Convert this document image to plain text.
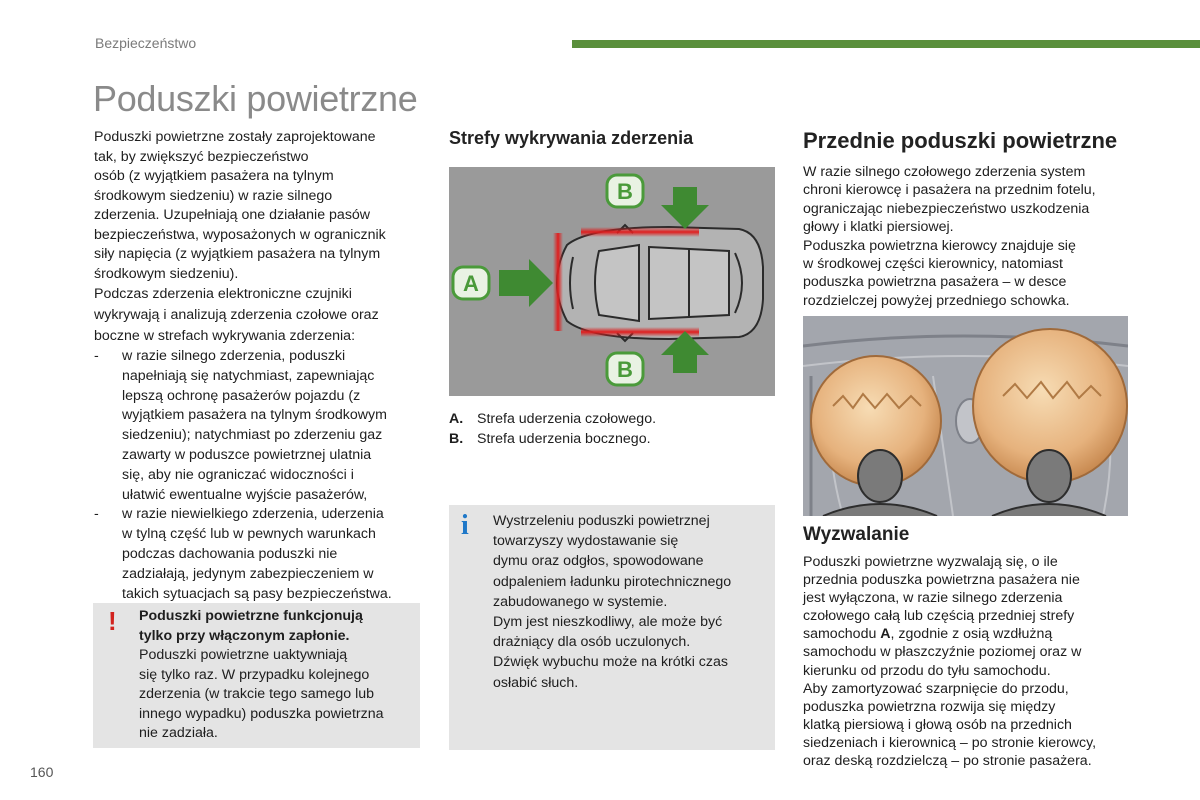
Bezpieczeństwo
Poduszki powietrzne

Poduszki powietrzne zostały zaprojektowane
tak, by zwiększyć bezpieczeństwo
osób (z wyjątkiem pasażera na tylnym
środkowym siedzeniu) w razie silnego
zderzenia. Uzupełniają one działanie pasów
bezpieczeństwa, wyposażonych w ogranicznik
siły napięcia (z wyjątkiem pasażera na tylnym
środkowym siedzeniu).

Podczas zderzenia elektroniczne czujniki
wykrywają i analizują zderzenia czołowe oraz
boczne w strefach wykrywania zderzenia:

- w razie silnego zderzenia, poduszki
napełniają się natychmiast, zapewniając
lepszą ochronę pasażerów pojazdu (z
wyjątkiem pasażera na tylnym środkowym
siedzeniu); natychmiast po zderzeniu gaz
zawarty w poduszce powietrznej ulatnia
się, aby nie ograniczać widoczności i
ułatwić ewentualne wyjście pasażerów,
- w razie niewielkiego zderzenia, uderzenia
w tylną część lub w pewnych warunkach
podczas dachowania poduszki nie
zadziałają, jedynym zabezpieczeniem w
takich sytuacjach są pasy bezpieczeństwa.
! Poduszki powietrzne funkcjonują
tylko przy włączonym zapłonie.
Poduszki powietrzne uaktywniają
się tylko raz. W przypadku kolejnego
zderzenia (w trakcie tego samego lub
innego wypadku) poduszka powietrzna
nie zadziała.
Strefy wykrywania zderzenia
A
B
B
A. Strefa uderzenia czołowego.
B. Strefa uderzenia bocznego.
i Wystrzeleniu poduszki powietrznej
towarzyszy wydostawanie się
dymu oraz odgłos, spowodowane
odpaleniem ładunku pirotechnicznego
zabudowanego w systemie.
Dym jest nieszkodliwy, ale może być
drażniący dla osób uczulonych.
Dźwięk wybuchu może na krótki czas
osłabić słuch.
Przednie poduszki powietrzne
W razie silnego czołowego zderzenia system
chroni kierowcę i pasażera na przednim fotelu,
ograniczając niebezpieczeństwo uszkodzenia
głowy i klatki piersiowej.
Poduszka powietrzna kierowcy znajduje się
w środkowej części kierownicy, natomiast
poduszka powietrzna pasażera – w desce
rozdzielczej powyżej przedniego schowka.
Wyzwalanie
Poduszki powietrzne wyzwalają się, o ile
przednia poduszka powietrzna pasażera nie
jest wyłączona, w razie silnego zderzenia
czołowego całą lub częścią przedniej strefy
samochodu A, zgodnie z osią wzdłużną
samochodu w płaszczyźnie poziomej oraz w
kierunku od przodu do tyłu samochodu.
Aby zamortyzować szarpnięcie do przodu,
poduszka powietrzna rozwija się między
klatką piersiową i głową osób na przednich
siedzeniach i kierownicą – po stronie kierowcy,
oraz deską rozdzielczą – po stronie pasażera.
160
